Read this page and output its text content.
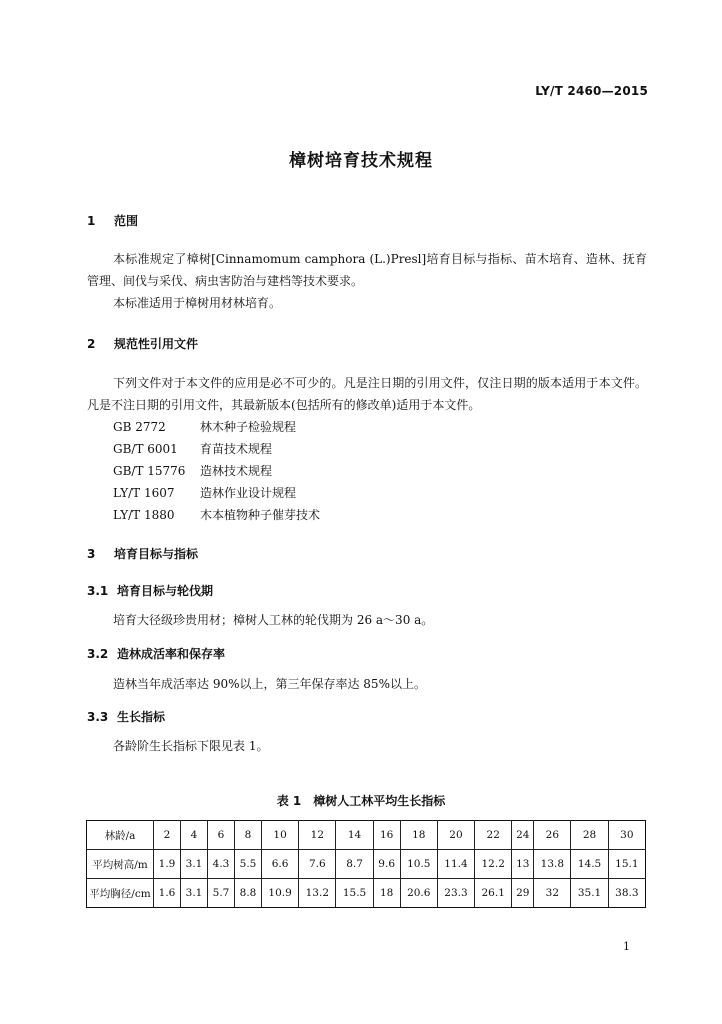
LY/T 2460—2015
樟树培育技术规程
1 范围

本标准规定了樟树[Cinnamomum camphora (L.)Presl]培育目标与指标、苗木培育、造林、抚育管理、间伐与采伐、病虫害防治与建档等技术要求。

本标准适用于樟树用材林培育。

2 规范性引用文件

下列文件对于本文件的应用是必不可少的。凡是注日期的引用文件，仅注日期的版本适用于本文件。凡是不注日期的引用文件，其最新版本(包括所有的修改单)适用于本文件。

GB 2772	林木种子检验规程
GB/T 6001 育苗技术规程
GB/T 15776 造林技术规程
LY/T 1607 造林作业设计规程
LY/T 1880 木本植物种子催芽技术
3 培育目标与指标
3.1 培育目标与轮伐期

培育大径级珍贵用材；樟树人工林的轮伐期为 26 a～30 a。

3.2 造林成活率和保存率

造林当年成活率达 90%以上，第三年保存率达 85%以上。

3.3 生长指标

各龄阶生长指标下限见表 1。

表 1　樟树人工林平均生长指标
林龄/a	2	4	6	8	10	12	14	16	18	20	22	24	26	28	30
平均树高/m	1.9	3.1	4.3	5.5	6.6	7.6	8.7	9.6	10.5	11.4	12.2	13	13.8	14.5	15.1
平均胸径/cm	1.6	3.1	5.7	8.8	10.9	13.2	15.5	18	20.6	23.3	26.1	29	32	35.1	38.3
1
